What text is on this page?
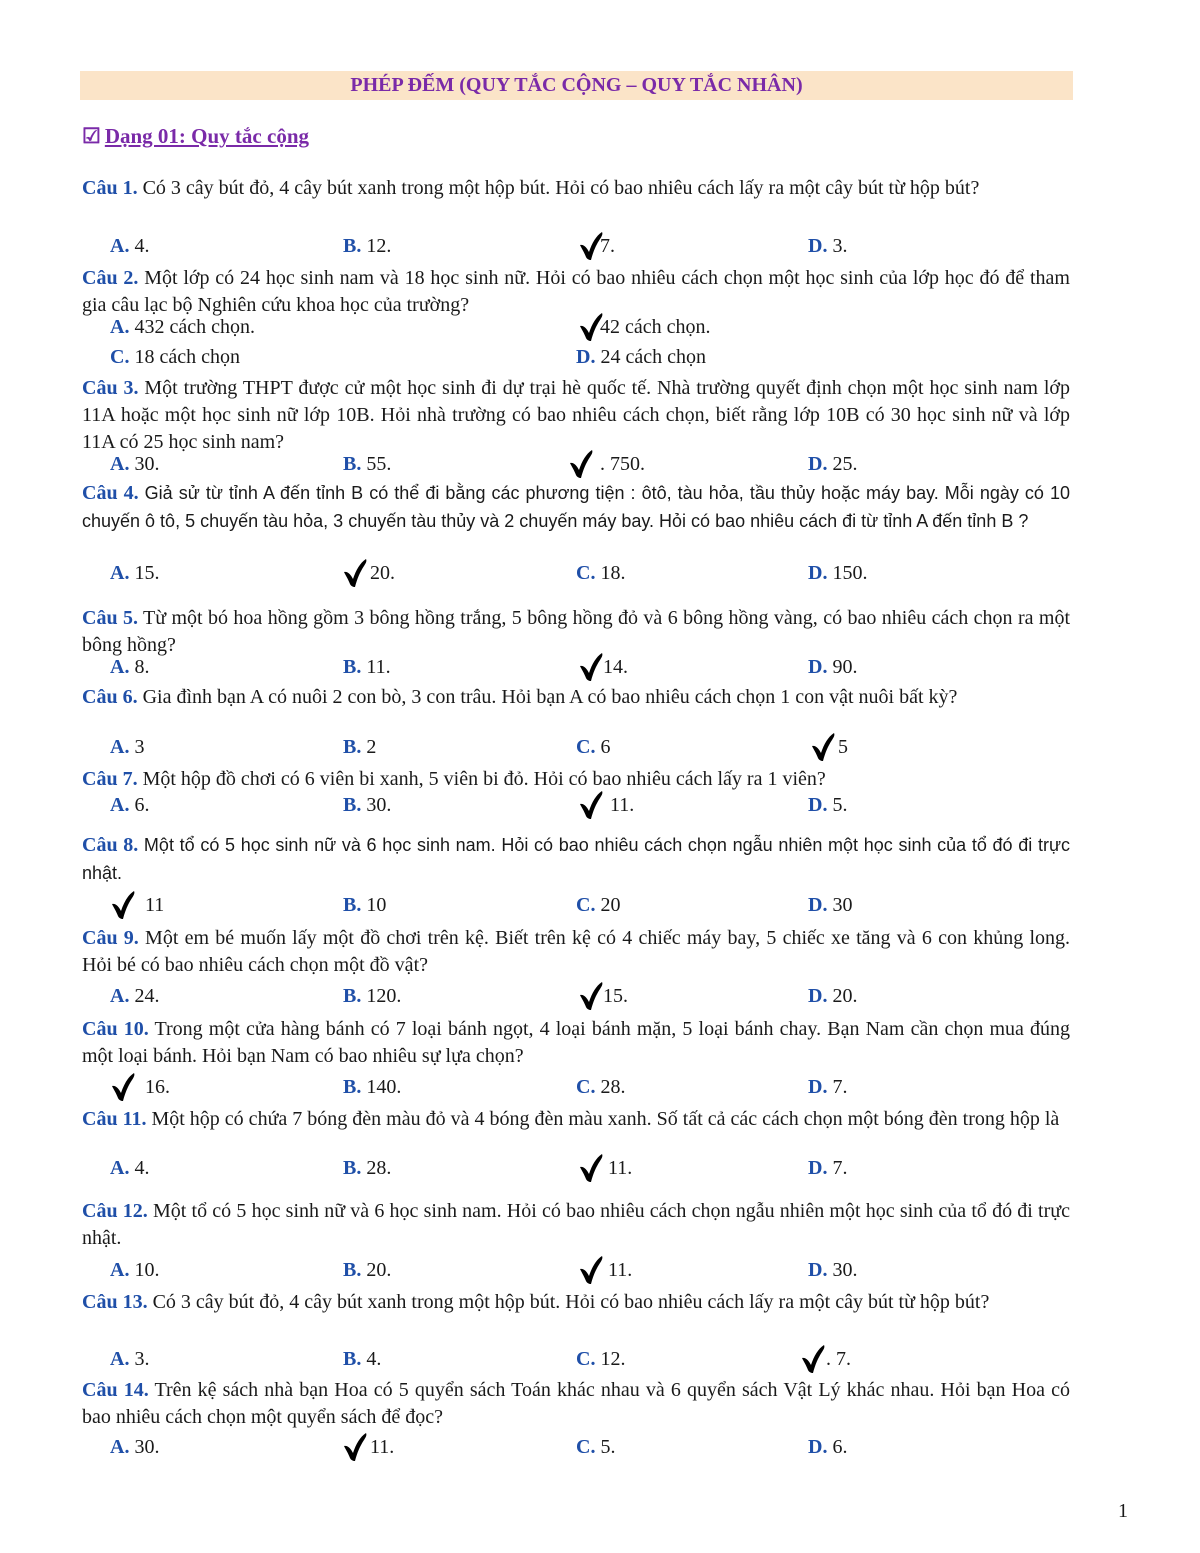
PHÉP ĐẾM (QUY TẮC CỘNG – QUY TẮC NHÂN)
☑ Dạng 01: Quy tắc cộng
Câu 1. Có 3 cây bút đỏ, 4 cây bút xanh trong một hộp bút. Hỏi có bao nhiêu cách lấy ra một cây bút từ hộp bút?
A. 4.	B. 12.	7.	D. 3.
Câu 2. Một lớp có 24 học sinh nam và 18 học sinh nữ. Hỏi có bao nhiêu cách chọn một học sinh của lớp học đó để tham gia câu lạc bộ Nghiên cứu khoa học của trường?
A. 432 cách chọn.	42 cách chọn.
C. 18 cách chọn	D. 24 cách chọn
Câu 3. Một trường THPT được cử một học sinh đi dự trại hè quốc tế. Nhà trường quyết định chọn một học sinh nam lớp 11A hoặc một học sinh nữ lớp 10B. Hỏi nhà trường có bao nhiêu cách chọn, biết rằng lớp 10B có 30 học sinh nữ và lớp 11A có 25 học sinh nam?
A. 30.	B. 55.	. 750.	D. 25.
Câu 4. Giả sử từ tỉnh A đến tỉnh B có thể đi bằng các phương tiện : ôtô, tàu hỏa, tầu thủy hoặc máy bay. Mỗi ngày có 10 chuyến ô tô, 5 chuyến tàu hỏa, 3 chuyến tàu thủy và 2 chuyến máy bay. Hỏi có bao nhiêu cách đi từ tỉnh A đến tỉnh B ?
A. 15.	20.	C. 18.	D. 150.
Câu 5. Từ một bó hoa hồng gồm 3 bông hồng trắng, 5 bông hồng đỏ và 6 bông hồng vàng, có bao nhiêu cách chọn ra một bông hồng?
A. 8.	B. 11.	14.	D. 90.
Câu 6. Gia đình bạn A có nuôi 2 con bò, 3 con trâu. Hỏi bạn A có bao nhiêu cách chọn 1 con vật nuôi bất kỳ?
A. 3	B. 2	C. 6	5
Câu 7. Một hộp đồ chơi có 6 viên bi xanh, 5 viên bi đỏ. Hỏi có bao nhiêu cách lấy ra 1 viên?
A. 6.	B. 30.	11.	D. 5.
Câu 8. Một tổ có 5 học sinh nữ và 6 học sinh nam. Hỏi có bao nhiêu cách chọn ngẫu nhiên một học sinh của tổ đó đi trực nhật.
11	B. 10	C. 20	D. 30
Câu 9. Một em bé muốn lấy một đồ chơi trên kệ. Biết trên kệ có 4 chiếc máy bay, 5 chiếc xe tăng và 6 con khủng long. Hỏi bé có bao nhiêu cách chọn một đồ vật?
A. 24.	B. 120.	15.	D. 20.
Câu 10. Trong một cửa hàng bánh có 7 loại bánh ngọt, 4 loại bánh mặn, 5 loại bánh chay. Bạn Nam cần chọn mua đúng một loại bánh. Hỏi bạn Nam có bao nhiêu sự lựa chọn?
16.	B. 140.	C. 28.	D. 7.
Câu 11. Một hộp có chứa 7 bóng đèn màu đỏ và 4 bóng đèn màu xanh. Số tất cả các cách chọn một bóng đèn trong hộp là
A. 4.	B. 28.	11.	D. 7.
Câu 12. Một tổ có 5 học sinh nữ và 6 học sinh nam. Hỏi có bao nhiêu cách chọn ngẫu nhiên một học sinh của tổ đó đi trực nhật.
A. 10.	B. 20.	11.	D. 30.
Câu 13. Có 3 cây bút đỏ, 4 cây bút xanh trong một hộp bút. Hỏi có bao nhiêu cách lấy ra một cây bút từ hộp bút?
A. 3.	B. 4.	C. 12.	. 7.
Câu 14. Trên kệ sách nhà bạn Hoa có 5 quyển sách Toán khác nhau và 6 quyển sách Vật Lý khác nhau. Hỏi bạn Hoa có bao nhiêu cách chọn một quyển sách để đọc?
A. 30.	11.	C. 5.	D. 6.
1
